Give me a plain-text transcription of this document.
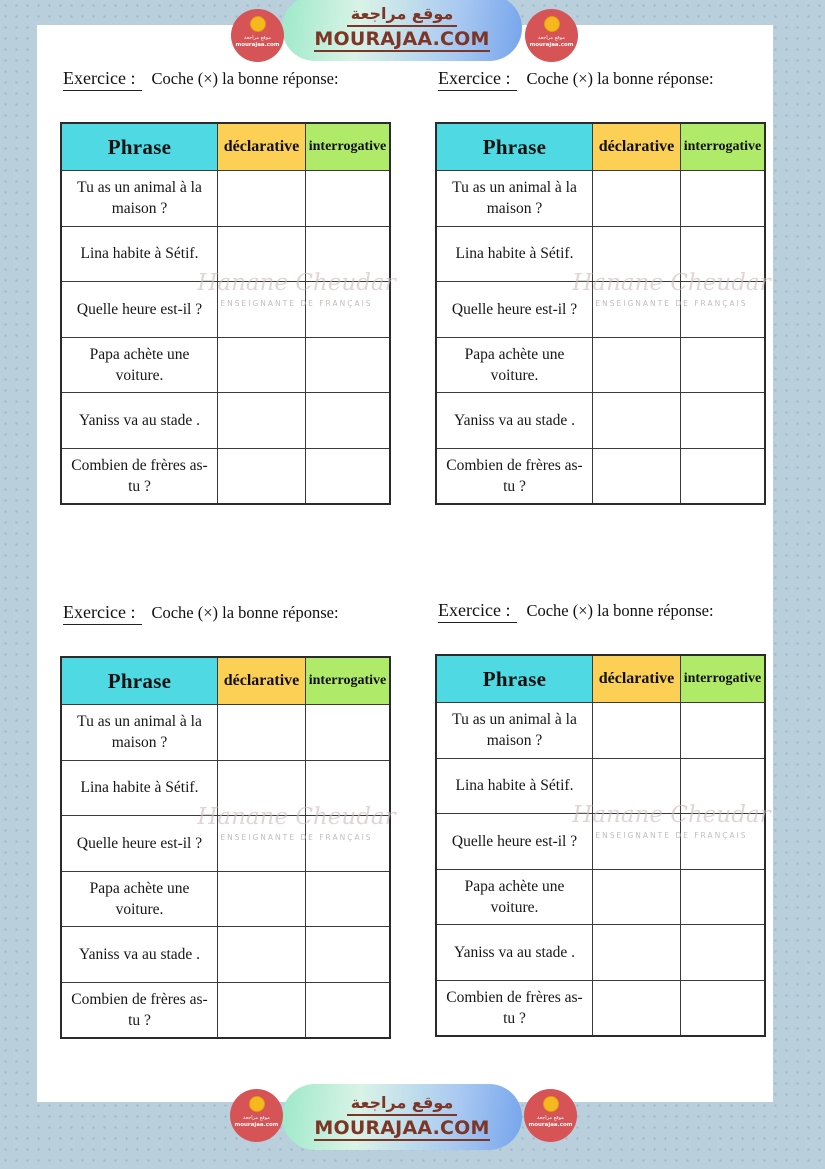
موقع مراجعة
mourajaa.com
موقع مراجعة
MOURAJAA.COM	موقع مراجعة
mourajaa.com
Exercice : Coche (×) la bonne réponse:
Phrase	déclarative interrogative
Tu as un animal à la maison ?
Lina habite à Sétif.
Quelle heure est-il ?
Papa achète une voiture.
Yaniss va au stade .
Combien de frères as-tu ?
Hanane Cheudar
ENSEIGNANTE DE FRANÇAIS
Exercice : Coche (×) la bonne réponse:
Phrase	déclarative interrogative
Tu as un animal à la maison ?
Lina habite à Sétif.
Quelle heure est-il ?
Papa achète une voiture.
Yaniss va au stade .
Combien de frères as-tu ?
Hanane Cheudar
ENSEIGNANTE DE FRANÇAIS
Exercice : Coche (×) la bonne réponse:
Phrase	déclarative interrogative
Tu as un animal à la maison ?
Lina habite à Sétif.
Quelle heure est-il ?
Papa achète une voiture.
Yaniss va au stade .
Combien de frères as-tu ?
Hanane Cheudar
ENSEIGNANTE DE FRANÇAIS
Exercice : Coche (×) la bonne réponse:
Phrase	déclarative interrogative
Tu as un animal à la maison ?
Lina habite à Sétif.
Quelle heure est-il ?
Papa achète une voiture.
Yaniss va au stade .
Combien de frères as-tu ?
Hanane Cheudar
ENSEIGNANTE DE FRANÇAIS
موقع مراجعة
mourajaa.com
موقع مراجعة
MOURAJAA.COM	موقع مراجعة
mourajaa.com
